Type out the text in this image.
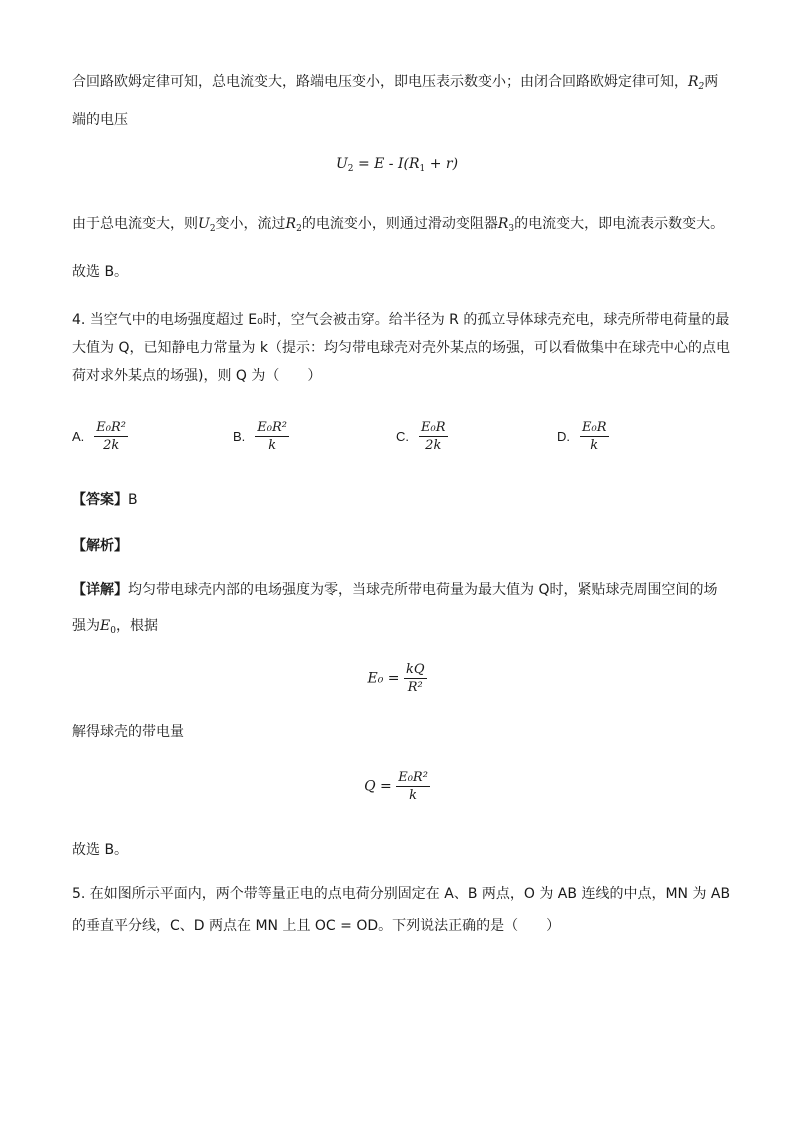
合回路欧姆定律可知，总电流变大，路端电压变小，即电压表示数变小；由闭合回路欧姆定律可知，$R_2$两
端的电压
$U_2 = E - I(R_1 + r)$
由于总电流变大，则$U_2$变小，流过$R_2$的电流变小，则通过滑动变阻器$R_3$的电流变大，即电流表示数变大。
故选 B。
4. 当空气中的电场强度超过 E₀时，空气会被击穿。给半径为 R 的孤立导体球壳充电，球壳所带电荷量的最
大值为 Q，已知静电力常量为 k（提示：均匀带电球壳对壳外某点的场强，可以看做集中在球壳中心的点电
荷对求外某点的场强)，则 Q 为（　　）
A. $\frac{\text{E₀R²}}{2k}$	B. $\frac{\text{E₀R²}}{k}$	C. $\frac{\text{E₀R}}{2k}$	D. $\frac{\text{E₀R}}{k}$
【答案】B
【解析】
【详解】均匀带电球壳内部的电场强度为零，当球壳所带电荷量为最大值为 Q时，紧贴球壳周围空间的场
强为$E_0$，根据
$E_0 = \frac{kQ}{\text{R²}}$
解得球壳的带电量
$Q = \frac{\text{E₀R²}}{k}$
故选 B。
5. 在如图所示平面内，两个带等量正电的点电荷分别固定在 A、B 两点，O 为 AB 连线的中点，MN 为 AB
的垂直平分线，C、D 两点在 MN 上且 OC = OD。下列说法正确的是（　　）
